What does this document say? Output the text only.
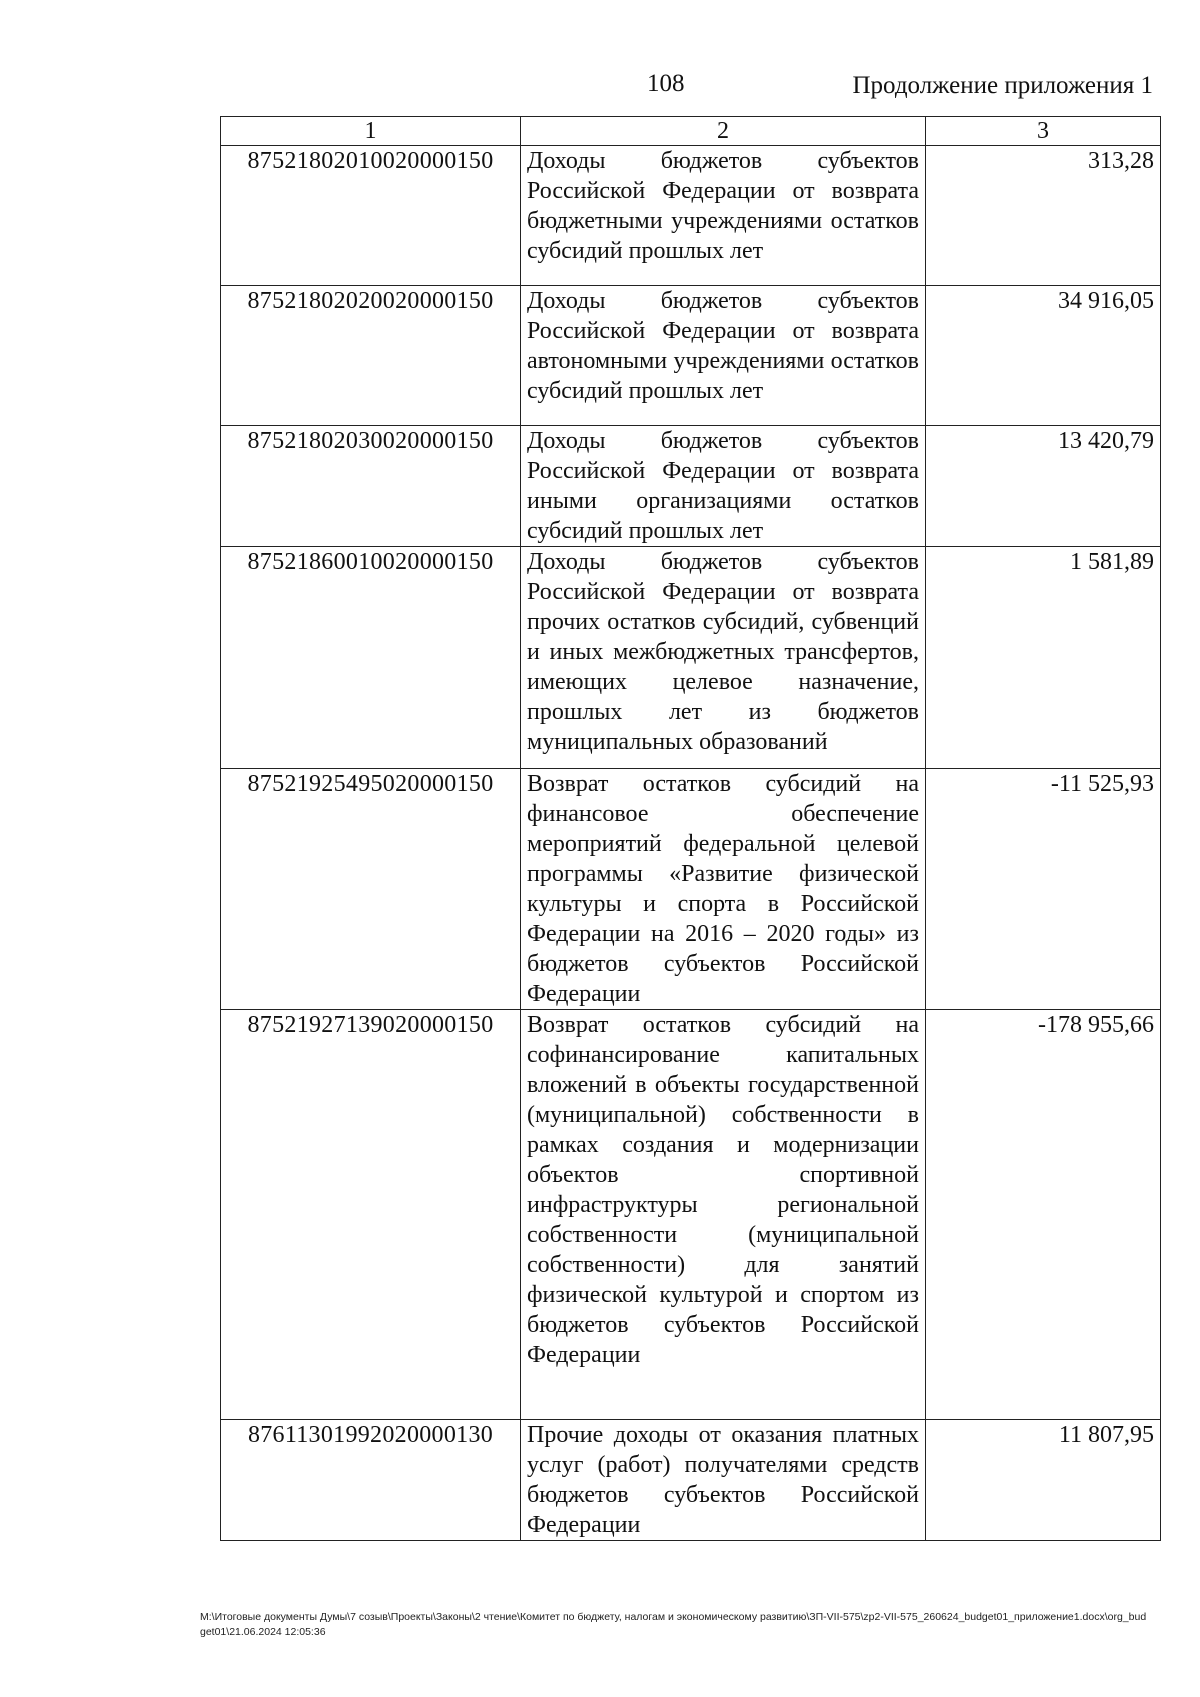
108	Продолжение приложения 1
1	2	3
87521802010020000150	Доходы бюджетов субъектов Российской Федерации от возврата бюджетными учреждениями остатков субсидий прошлых лет	313,28
87521802020020000150	Доходы бюджетов субъектов Российской Федерации от возврата автономными учреждениями остатков субсидий прошлых лет	34 916,05
87521802030020000150	Доходы бюджетов субъектов Российской Федерации от возврата иными организациями остатков субсидий прошлых лет	13 420,79
87521860010020000150	Доходы бюджетов субъектов Российской Федерации от возврата прочих остатков субсидий, субвенций и иных межбюджетных трансфертов, имеющих целевое назначение, прошлых лет из бюджетов муниципальных образований	1 581,89
87521925495020000150	Возврат остатков субсидий на финансовое обеспечение мероприятий федеральной целевой программы «Развитие физической культуры и спорта в Российской Федерации на 2016 – 2020 годы» из бюджетов субъектов Российской Федерации	-11 525,93
87521927139020000150	Возврат остатков субсидий на софинансирование капитальных вложений в объекты государственной (муниципальной) собственности в рамках создания и модернизации объектов спортивной инфраструктуры региональной собственности (муниципальной собственности) для занятий физической культурой и спортом из бюджетов субъектов Российской Федерации	-178 955,66
87611301992020000130	Прочие доходы от оказания платных услуг (работ) получателями средств бюджетов субъектов Российской Федерации	11 807,95
М:\Итоговые документы Думы\7 созыв\Проекты\Законы\2 чтение\Комитет по бюджету, налогам и экономическому развитию\ЗП-VII-575\zp2-VII-575_260624_budget01_приложение1.docx\org_budget01\21.06.2024 12:05:36
